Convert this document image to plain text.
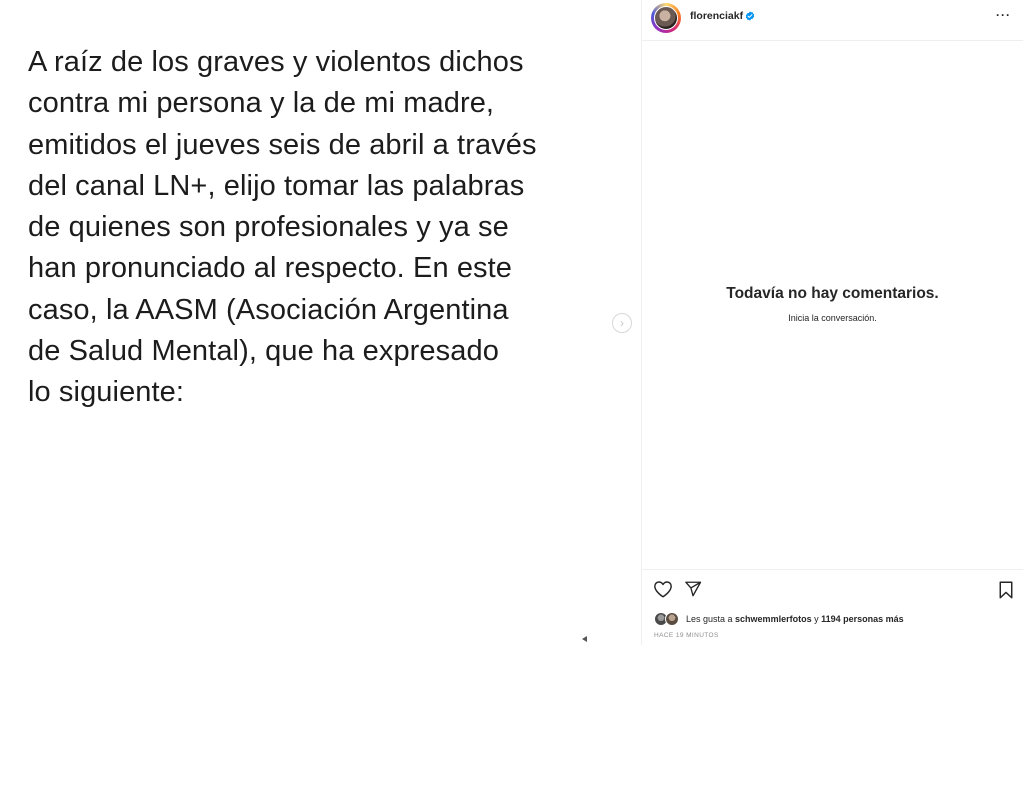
A raíz de los graves y violentos dichos
contra mi persona y la de mi madre,
emitidos el jueves seis de abril a través
del canal LN+, elijo tomar las palabras
de quienes son profesionales y ya se
han pronunciado al respecto. En este
caso, la AASM (Asociación Argentina
de Salud Mental), que ha expresado
lo siguiente:
›
florenciakf	···
Todavía no hay comentarios.
Inicia la conversación.
Les gusta a schwemmlerfotos y 1194 personas más
HACE 19 MINUTOS
